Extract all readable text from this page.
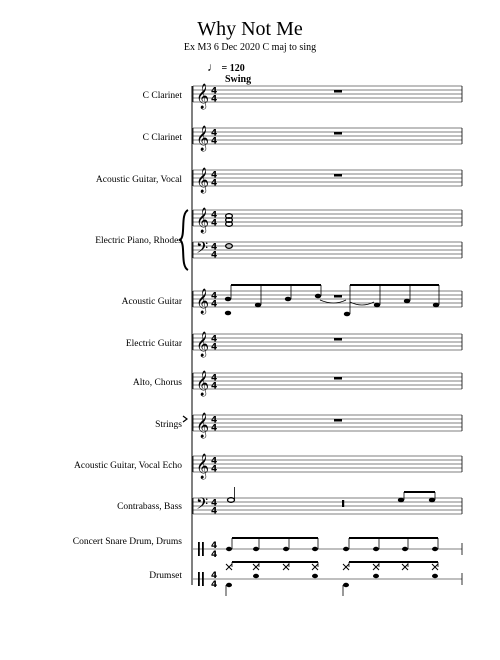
Why Not Me
Ex M3 6 Dec 2020 C maj to sing
♩ = 120
Swing
C Clarinet
C Clarinet
Acoustic Guitar, Vocal
Electric Piano, Rhodes
Acoustic Guitar
Electric Guitar
Alto, Chorus
Strings
Acoustic Guitar, Vocal Echo
Contrabass, Bass
Concert Snare Drum, Drums
Drumset
𝄞 4
4
𝄞 4
4
𝄞 4
4
𝄞 4
4
𝄢 4
4
𝄞 4
4
𝄞 4
4
𝄞 4
4
𝄞 4
4
𝄞 4
4
𝄢 4
4
4
4
4
4
